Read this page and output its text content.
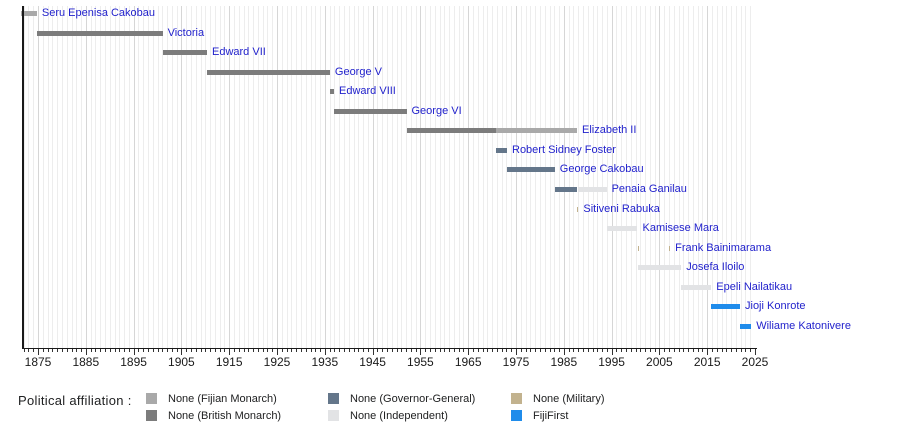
Seru Epenisa Cakobau
Victoria
Edward VII
George V
Edward VIII
George VI
Elizabeth II
Robert Sidney Foster
George Cakobau
Penaia Ganilau
Sitiveni Rabuka
Kamisese Mara
Frank Bainimarama
Josefa Iloilo
Epeli Nailatikau
Jioji Konrote
Wiliame Katonivere
1875	1885	1895	1905	1915	1925	1935	1945	1955	1965	1975	1985	1995	2005	2015	2025
Political affiliation :	None (Fijian Monarch)
None (British Monarch)
None (Governor-General)
None (Independent)
None (Military)
FijiFirst
